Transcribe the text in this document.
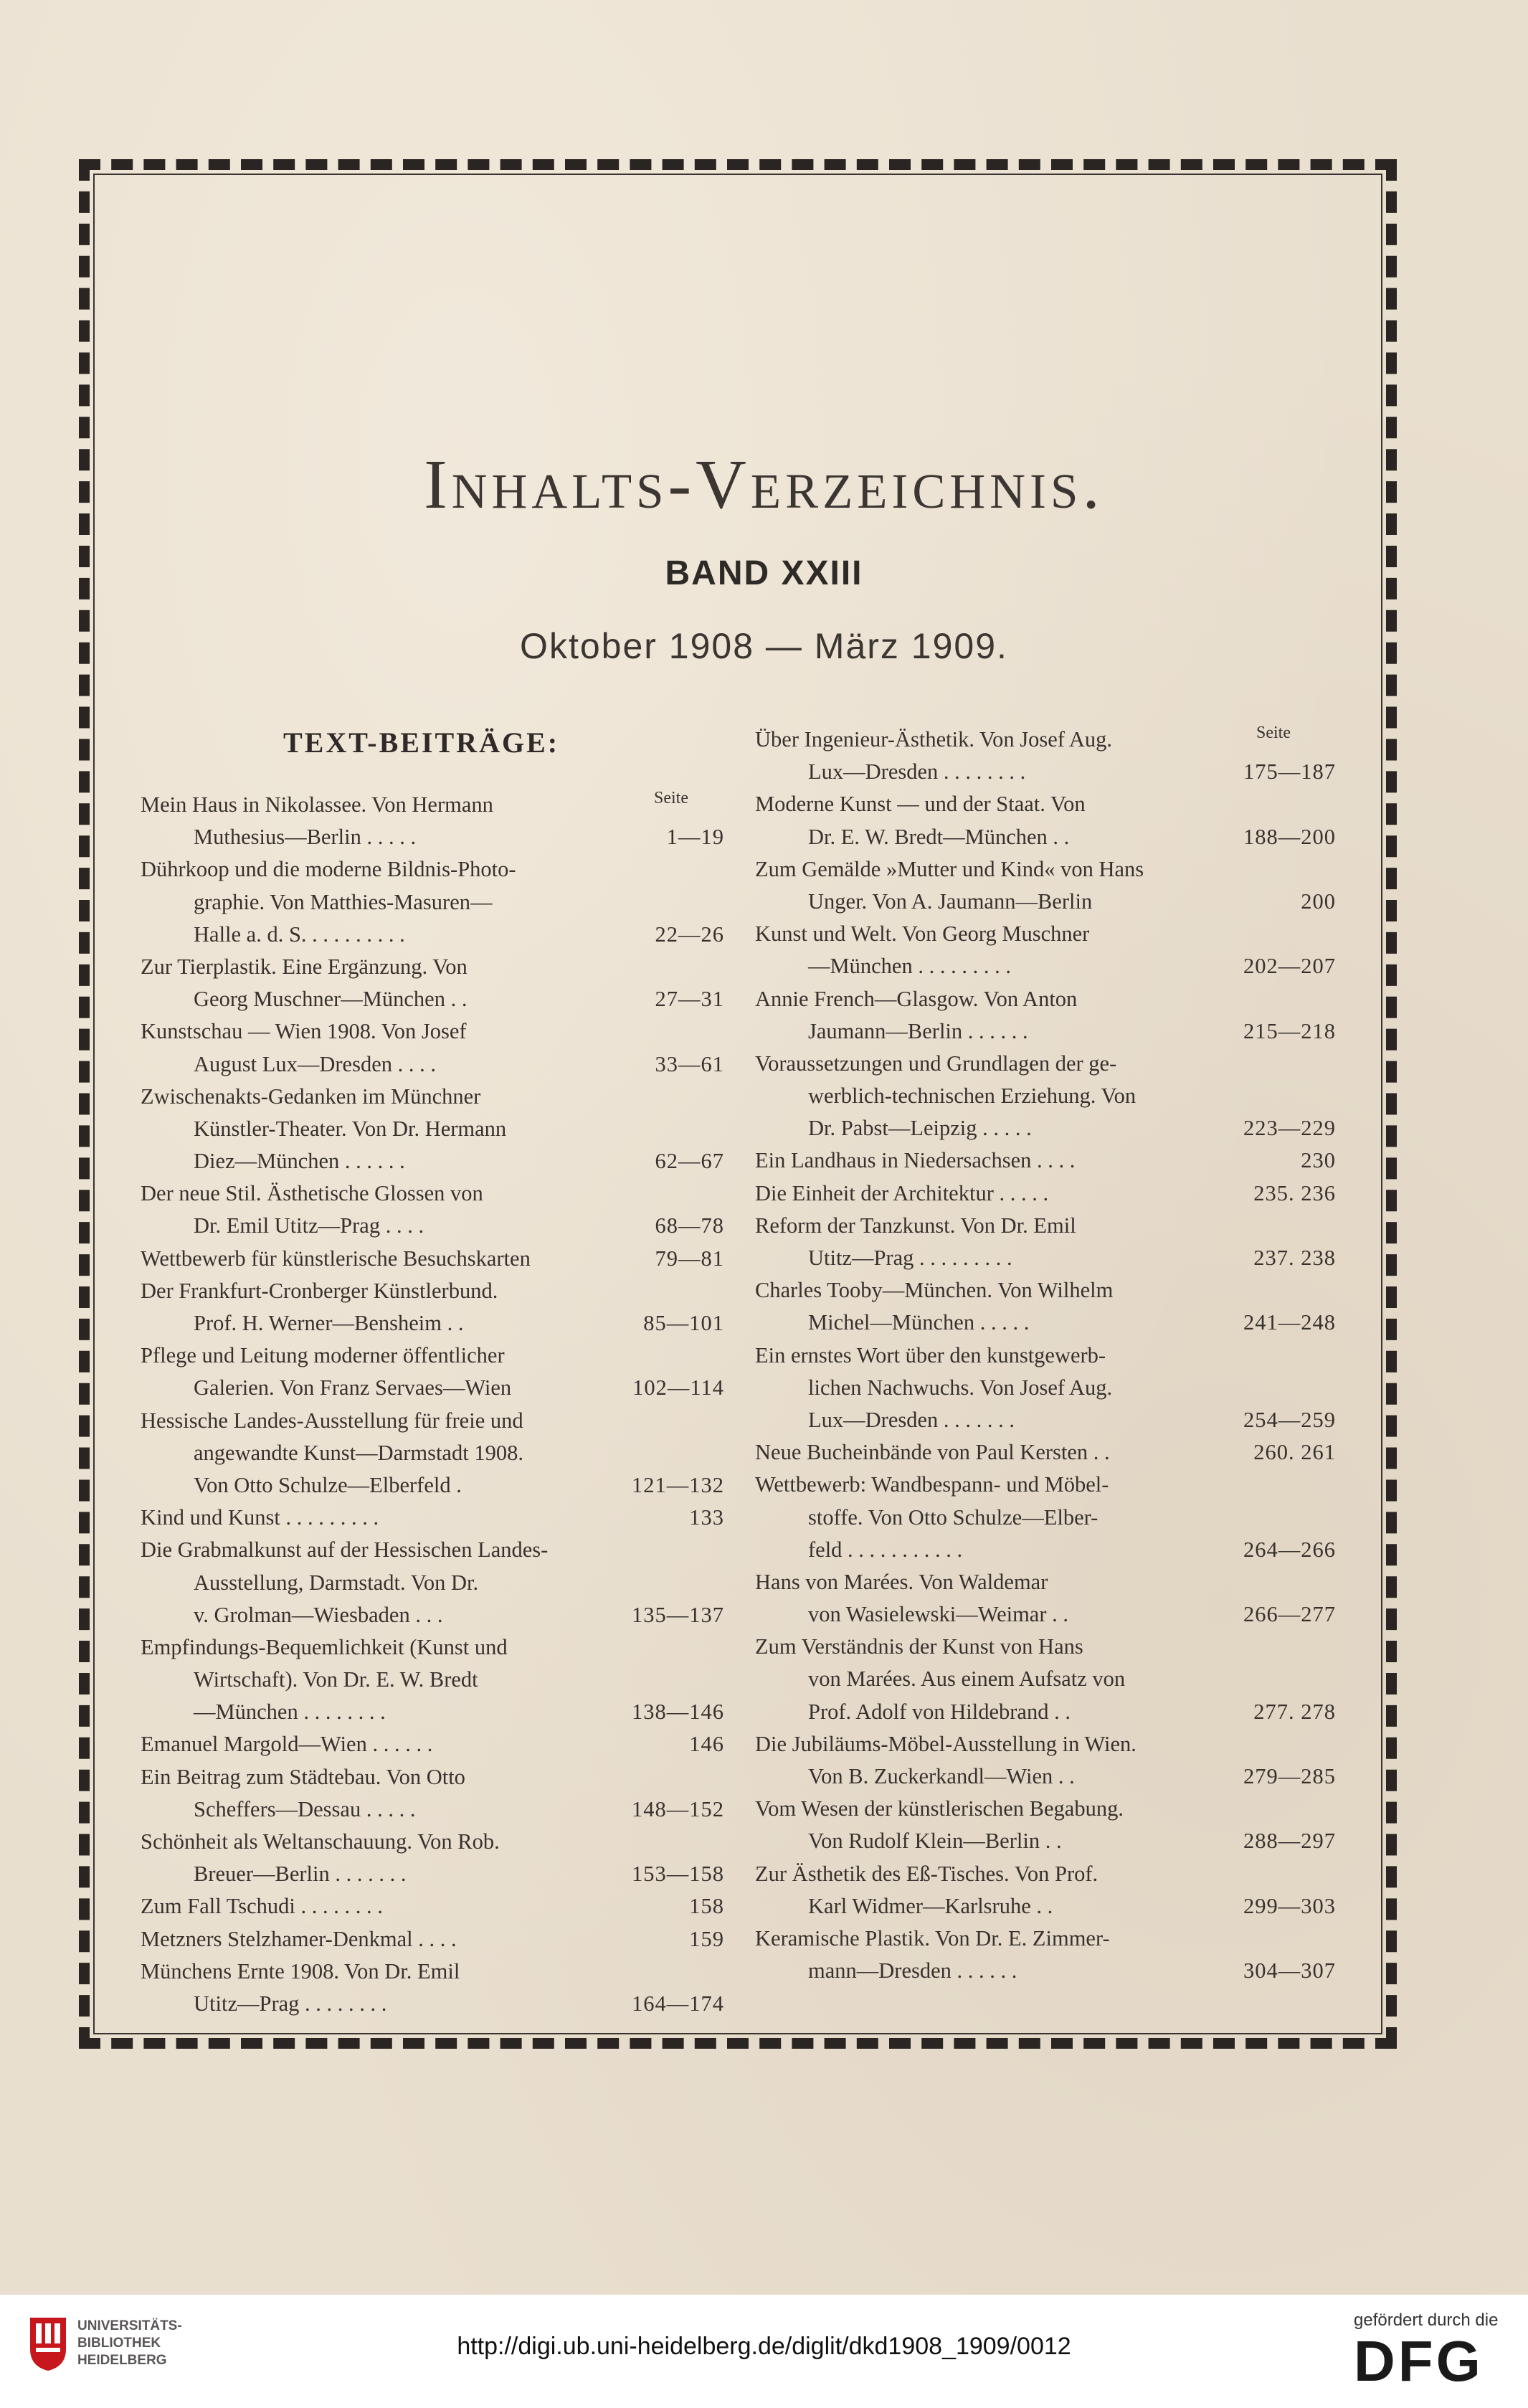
Inhalts-Verzeichnis.
BAND XXIII
Oktober 1908 — März 1909.
TEXT-BEITRÄGE:
Seite
Seite
Mein Haus in Nikolassee. Von Hermann
Muthesius—Berlin . . . . .	1—19
Dührkoop und die moderne Bildnis-Photo-
graphie. Von Matthies-Masuren—
Halle a. d. S. . . . . . . . . .	22—26
Zur Tierplastik. Eine Ergänzung. Von
Georg Muschner—München . .	27—31
Kunstschau — Wien 1908. Von Josef
August Lux—Dresden . . . .	33—61
Zwischenakts-Gedanken im Münchner
Künstler-Theater. Von Dr. Hermann
Diez—München . . . . . .	62—67
Der neue Stil. Ästhetische Glossen von
Dr. Emil Utitz—Prag . . . .	68—78
Wettbewerb für künstlerische Besuchskarten	79—81
Der Frankfurt-Cronberger Künstlerbund.
Prof. H. Werner—Bensheim . .	85—101
Pflege und Leitung moderner öffentlicher
Galerien. Von Franz Servaes—Wien	102—114
Hessische Landes-Ausstellung für freie und
angewandte Kunst—Darmstadt 1908.
Von Otto Schulze—Elberfeld .	121—132
Kind und Kunst . . . . . . . . .	133
Die Grabmalkunst auf der Hessischen Landes-
Ausstellung, Darmstadt. Von Dr.
v. Grolman—Wiesbaden . . .	135—137
Empfindungs-Bequemlichkeit (Kunst und
Wirtschaft). Von Dr. E. W. Bredt
—München . . . . . . . .	138—146
Emanuel Margold—Wien . . . . . .	146
Ein Beitrag zum Städtebau. Von Otto
Scheffers—Dessau . . . . .	148—152
Schönheit als Weltanschauung. Von Rob.
Breuer—Berlin . . . . . . .	153—158
Zum Fall Tschudi . . . . . . . .	158
Metzners Stelzhamer-Denkmal . . . .	159
Münchens Ernte 1908. Von Dr. Emil
Utitz—Prag . . . . . . . .	164—174
Über Ingenieur-Ästhetik. Von Josef Aug.
Lux—Dresden . . . . . . . .	175—187
Moderne Kunst — und der Staat. Von
Dr. E. W. Bredt—München . .	188—200
Zum Gemälde »Mutter und Kind« von Hans
Unger. Von A. Jaumann—Berlin	200
Kunst und Welt. Von Georg Muschner
—München . . . . . . . . .	202—207
Annie French—Glasgow. Von Anton
Jaumann—Berlin . . . . . .	215—218
Voraussetzungen und Grundlagen der ge-
werblich-technischen Erziehung. Von
Dr. Pabst—Leipzig . . . . .	223—229
Ein Landhaus in Niedersachsen . . . .	230
Die Einheit der Architektur . . . . .	235. 236
Reform der Tanzkunst. Von Dr. Emil
Utitz—Prag . . . . . . . . .	237. 238
Charles Tooby—München. Von Wilhelm
Michel—München . . . . .	241—248
Ein ernstes Wort über den kunstgewerb-
lichen Nachwuchs. Von Josef Aug.
Lux—Dresden . . . . . . .	254—259
Neue Bucheinbände von Paul Kersten . .	260. 261
Wettbewerb: Wandbespann- und Möbel-
stoffe. Von Otto Schulze—Elber-
feld . . . . . . . . . . .	264—266
Hans von Marées. Von Waldemar
von Wasielewski—Weimar . .	266—277
Zum Verständnis der Kunst von Hans
von Marées. Aus einem Aufsatz von
Prof. Adolf von Hildebrand . .	277. 278
Die Jubiläums-Möbel-Ausstellung in Wien.
Von B. Zuckerkandl—Wien . .	279—285
Vom Wesen der künstlerischen Begabung.
Von Rudolf Klein—Berlin . .	288—297
Zur Ästhetik des Eß-Tisches. Von Prof.
Karl Widmer—Karlsruhe . .	299—303
Keramische Plastik. Von Dr. E. Zimmer-
mann—Dresden . . . . . .	304—307
UNIVERSITÄTS-
BIBLIOTHEK
HEIDELBERG
http://digi.ub.uni-heidelberg.de/diglit/dkd1908_1909/0012
gefördert durch die
DFG
